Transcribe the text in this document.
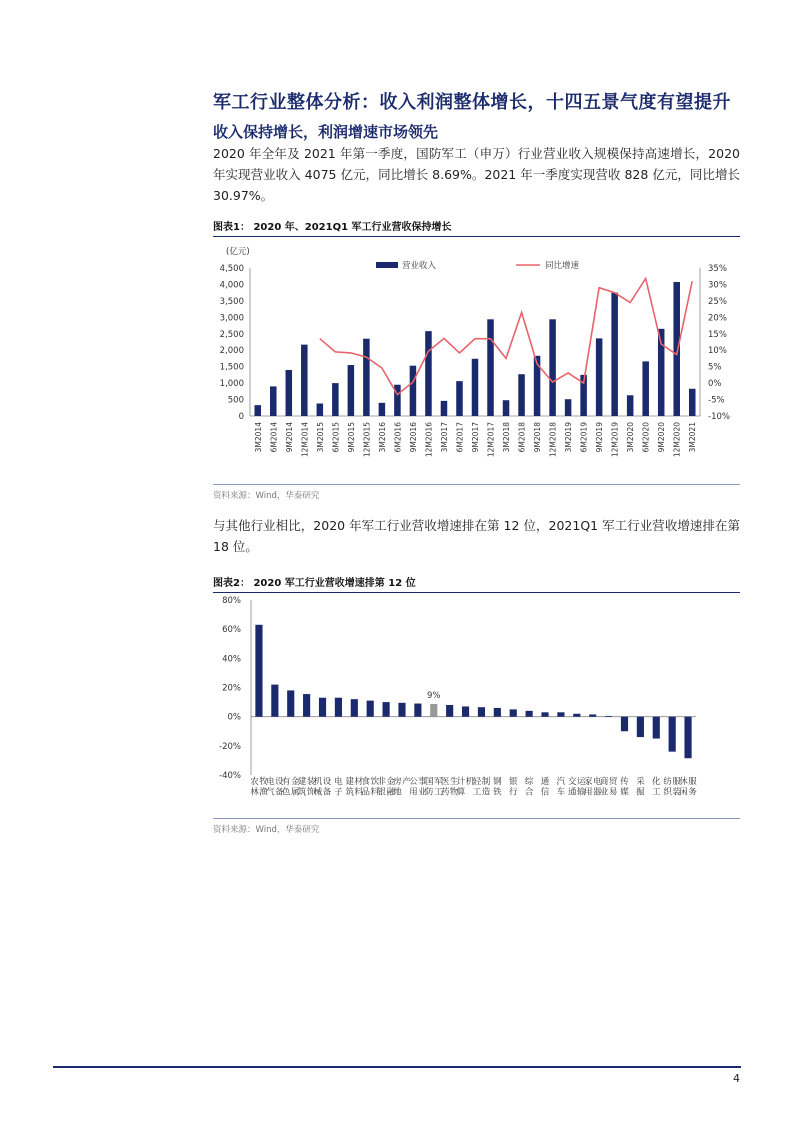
军工行业整体分析：收入利润整体增长，十四五景气度有望提升
收入保持增长，利润增速市场领先
2020 年全年及 2021 年第一季度，国防军工（申万）行业营业收入规模保持高速增长，2020 年实现营业收入 4075 亿元，同比增长 8.69%。2021 年一季度实现营收 828 亿元，同比增长 30.97%。
图表1： 2020 年、2021Q1 军工行业营收保持增长
(亿元)
0
500
1,000
1,500
2,000
2,500
3,000
3,500
4,000
4,500
-10%
-5%
0%
5%
10%
15%
20%
25%
30%
35%
3M2014 6M2014 9M2014 12M2014 3M2015 6M2015 9M2015 12M2015 3M2016 6M2016 9M2016 12M2016 3M2017 6M2017 9M2017 12M2017 3M2018 6M2018 9M2018 12M2018 3M2019 6M2019 9M2019 12M2019 3M2020 6M2020 9M2020 12M2020 3M2021
营业收入	同比增速
资料来源：Wind，华泰研究
与其他行业相比，2020 年军工行业营收增速排在第 12 位，2021Q1 军工行业营收增速排在第 18 位。
图表2： 2020 军工行业营收增速排第 12 位
-40%
-20%
0%
20%
40%
60%
80%
9%
农林
牧渔
电气
设备
有色
金属
建筑
装饰
机械
设备
电子
建筑
材料
食品
饮料
非银
金融
房地
产
公用
事业
国防
军工
医药
生物
计算
机
轻工
制造
钢铁
银行
综合
通信
汽车
交通
运输
家用
电器
商业
贸易
传媒
采掘
化工
纺织
服装
休闲
服务
资料来源：Wind，华泰研究
4
